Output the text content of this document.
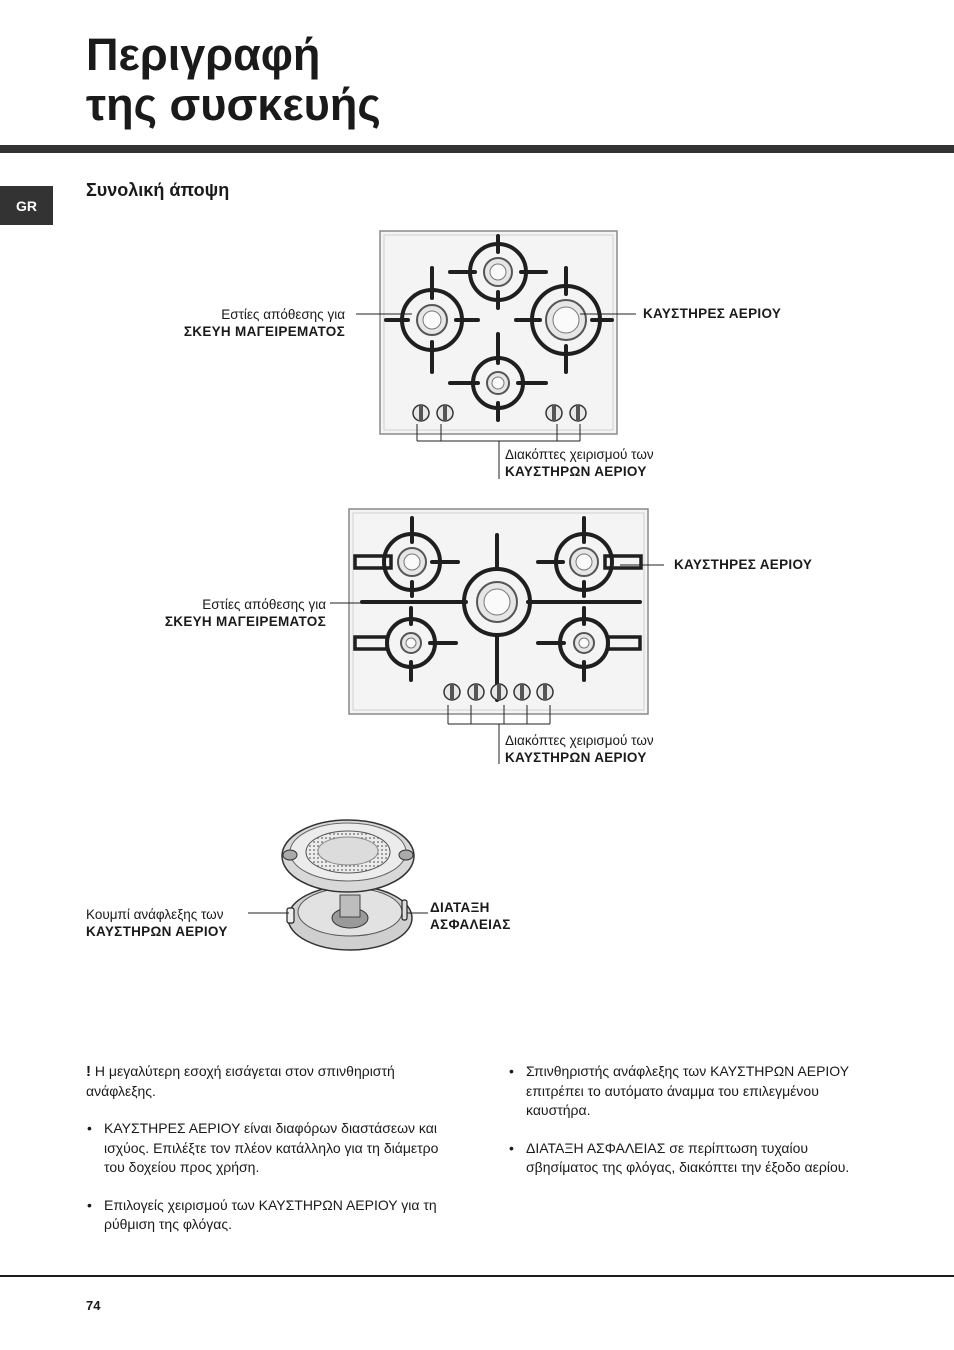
Περιγραφή
της συσκευής
GR
Συνολική άποψη
Εστίες απόθεσης για
ΣΚΕΥΗ ΜΑΓΕΙΡΕΜΑΤΟΣ
ΚΑΥΣΤΗΡΕΣ ΑΕΡΙΟΥ
Διακόπτες χειρισμού των
ΚΑΥΣΤΗΡΩΝ ΑΕΡΙΟΥ
Εστίες απόθεσης για
ΣΚΕΥΗ ΜΑΓΕΙΡΕΜΑΤΟΣ
ΚΑΥΣΤΗΡΕΣ ΑΕΡΙΟΥ
Διακόπτες χειρισμού των
ΚΑΥΣΤΗΡΩΝ ΑΕΡΙΟΥ
Κουμπί ανάφλεξης των
ΚΑΥΣΤΗΡΩΝ ΑΕΡΙΟΥ
ΔΙΑΤΑΞΗ
ΑΣΦΑΛΕΙΑΣ

! Η μεγαλύτερη εσοχή εισάγεται στον σπινθηριστή ανάφλεξης.

• ΚΑΥΣΤΗΡΕΣ ΑΕΡΙΟΥ είναι διαφόρων διαστάσεων και ισχύος. Επιλέξτε τον πλέον κατάλληλο για τη διάμετρο του δοχείου προς χρήση.

• Επιλογείς χειρισμού των ΚΑΥΣΤΗΡΩΝ ΑΕΡΙΟΥ για τη ρύθμιση της φλόγας.

• Σπινθηριστής ανάφλεξης των ΚΑΥΣΤΗΡΩΝ ΑΕΡΙΟΥ επιτρέπει το αυτόματο άναμμα του επιλεγμένου καυστήρα.

• ΔΙΑΤΑΞΗ ΑΣΦΑΛΕΙΑΣ σε περίπτωση τυχαίου σβησίματος της φλόγας, διακόπτει την έξοδο αερίου.

74
